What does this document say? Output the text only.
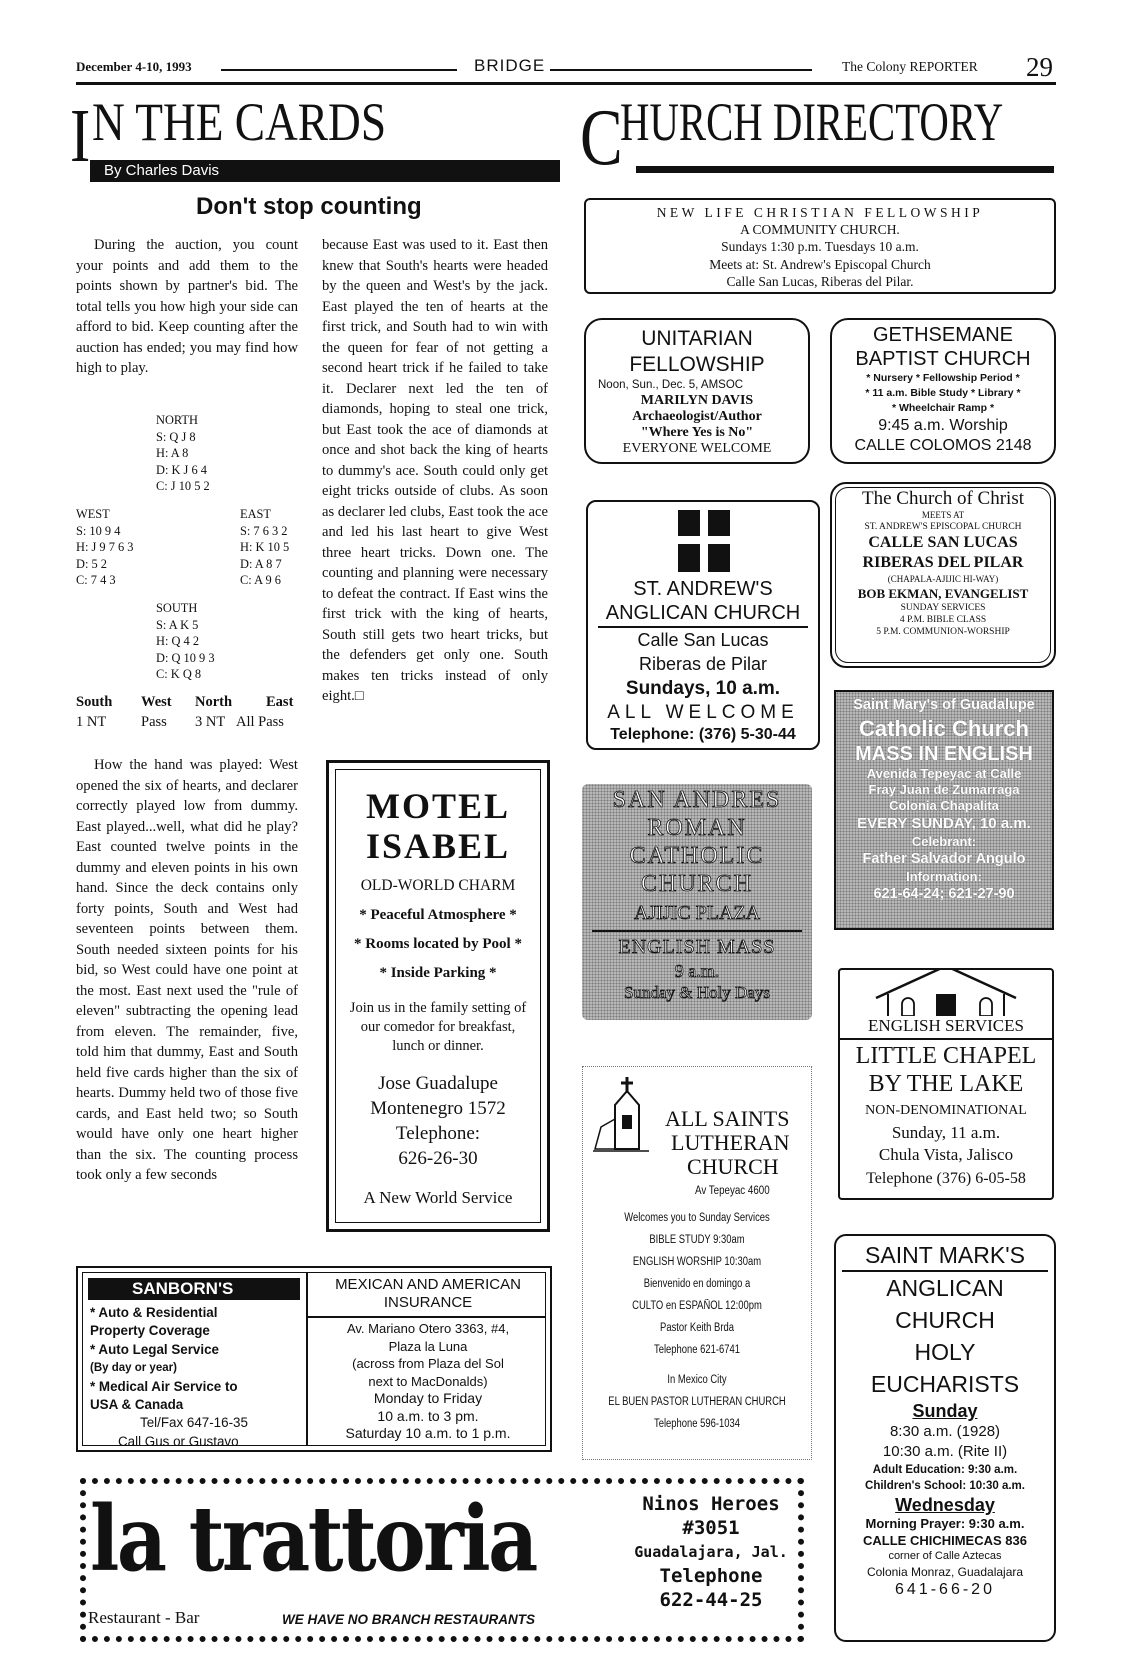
December 4-10, 1993	BRIDGE	The Colony REPORTER 29
I N THE CARDS
By Charles Davis
Don't stop counting
During the auction, you count your points and add them to the points shown by partner's bid. The total tells you how high your side can afford to bid. Keep counting after the auction has ended; you may find how high to play.
NORTH
S: Q J 8
H: A 8
D: K J 6 4
C: J 10 5 2
WEST
S: 10 9 4
H: J 9 7 6 3
D: 5 2
C: 7 4 3
EAST
S: 7 6 3 2
H: K 10 5
D: A 8 7
C: A 9 6
SOUTH
S: A K 5
H: Q 4 2
D: Q 10 9 3
C: K Q 8
South West North East
1 NT Pass 3 NT All Pass
How the hand was played: West opened the six of hearts, and declarer correctly played low from dummy. East played...well, what did he play? East counted twelve points in the dummy and eleven points in his own hand. Since the deck contains only forty points, South and West had seventeen points between them. South needed sixteen points for his bid, so West could have one point at the most. East next used the "rule of eleven" subtracting the opening lead from eleven. The remainder, five, told him that dummy, East and South held five cards higher than the six of hearts. Dummy held two of those five cards, and East held two; so South would have only one heart higher than the six. The counting process took only a few seconds
because East was used to it. East then knew that South's hearts were headed by the queen and West's by the jack. East played the ten of hearts at the first trick, and South had to win with the queen for fear of not getting a second heart trick if he failed to take it. Declarer next led the ten of diamonds, hoping to steal one trick, but East took the ace of diamonds at once and shot back the king of hearts to dummy's ace. South could only get eight tricks outside of clubs. As soon as declarer led clubs, East took the ace and led his last heart to give West three heart tricks. Down one. The counting and planning were necessary to defeat the contract. If East wins the first trick with the king of hearts, South still gets two heart tricks, but the defenders get only one. South makes ten tricks instead of only eight.□
MOTEL
ISABEL
OLD-WORLD CHARM
* Peaceful Atmosphere *
* Rooms located by Pool *
* Inside Parking *
Join us in the family setting of our comedor for breakfast, lunch or dinner.
Jose Guadalupe
Montenegro 1572
Telephone:
626-26-30
A New World Service
SANBORN'S
* Auto & Residential
Property Coverage
* Auto Legal Service
(By day or year)
* Medical Air Service to
USA & Canada
Tel/Fax 647-16-35
Call Gus or Gustavo
MEXICAN AND AMERICAN
INSURANCE
Av. Mariano Otero 3363, #4,
Plaza la Luna
(across from Plaza del Sol
next to MacDonalds)
Monday to Friday
10 a.m. to 3 pm.
Saturday 10 a.m. to 1 p.m.
la trattoria
Restaurant - Bar	WE HAVE NO BRANCH RESTAURANTS
Ninos Heroes
#3051
Guadalajara, Jal.
Telephone
622-44-25
C
HURCH DIRECTORY
NEW LIFE CHRISTIAN FELLOWSHIP
A COMMUNITY CHURCH.
Sundays 1:30 p.m. Tuesdays 10 a.m.
Meets at: St. Andrew's Episcopal Church
Calle San Lucas, Riberas del Pilar.
UNITARIAN
FELLOWSHIP
Noon, Sun., Dec. 5, AMSOC
MARILYN DAVIS
Archaeologist/Author
"Where Yes is No"
EVERYONE WELCOME
GETHSEMANE
BAPTIST CHURCH
* Nursery * Fellowship Period *
* 11 a.m. Bible Study * Library *
* Wheelchair Ramp *
9:45 a.m. Worship
CALLE COLOMOS 2148
ST. ANDREW'S
ANGLICAN CHURCH
Calle San Lucas
Riberas de Pilar
Sundays, 10 a.m.
ALL WELCOME
Telephone: (376) 5-30-44
The Church of Christ
MEETS AT
ST. ANDREW'S EPISCOPAL CHURCH
CALLE SAN LUCAS
RIBERAS DEL PILAR
(CHAPALA-AJIJIC HI-WAY)
BOB EKMAN, EVANGELIST
SUNDAY SERVICES
4 P.M. BIBLE CLASS
5 P.M. COMMUNION-WORSHIP
Saint Mary's of Guadalupe
Catholic Church
MASS IN ENGLISH
Avenida Tepeyac at Calle
Fray Juan de Zumarraga
Colonia Chapalita
EVERY SUNDAY, 10 a.m.
Celebrant:
Father Salvador Angulo
Information:
621-64-24; 621-27-90
SAN ANDRES
ROMAN
CATHOLIC
CHURCH
AJIJIC PLAZA
ENGLISH MASS
9 a.m.
Sunday & Holy Days
ALL SAINTS
LUTHERAN
CHURCH
Av Tepeyac 4600
Welcomes you to Sunday Services
BIBLE STUDY 9:30am
ENGLISH WORSHIP 10:30am
Bienvenido en domingo a
CULTO en ESPAÑOL 12:00pm
Pastor Keith Brda
Telephone 621-6741
In Mexico City
EL BUEN PASTOR LUTHERAN CHURCH
Telephone 596-1034
ENGLISH SERVICES
LITTLE CHAPEL
BY THE LAKE
NON-DENOMINATIONAL
Sunday, 11 a.m.
Chula Vista, Jalisco
Telephone (376) 6-05-58
SAINT MARK'S
ANGLICAN
CHURCH
HOLY
EUCHARISTS
Sunday
8:30 a.m. (1928)
10:30 a.m. (Rite II)
Adult Education: 9:30 a.m.
Children's School: 10:30 a.m.
Wednesday
Morning Prayer: 9:30 a.m.
CALLE CHICHIMECAS 836
corner of Calle Aztecas
Colonia Monraz, Guadalajara
641-66-20
